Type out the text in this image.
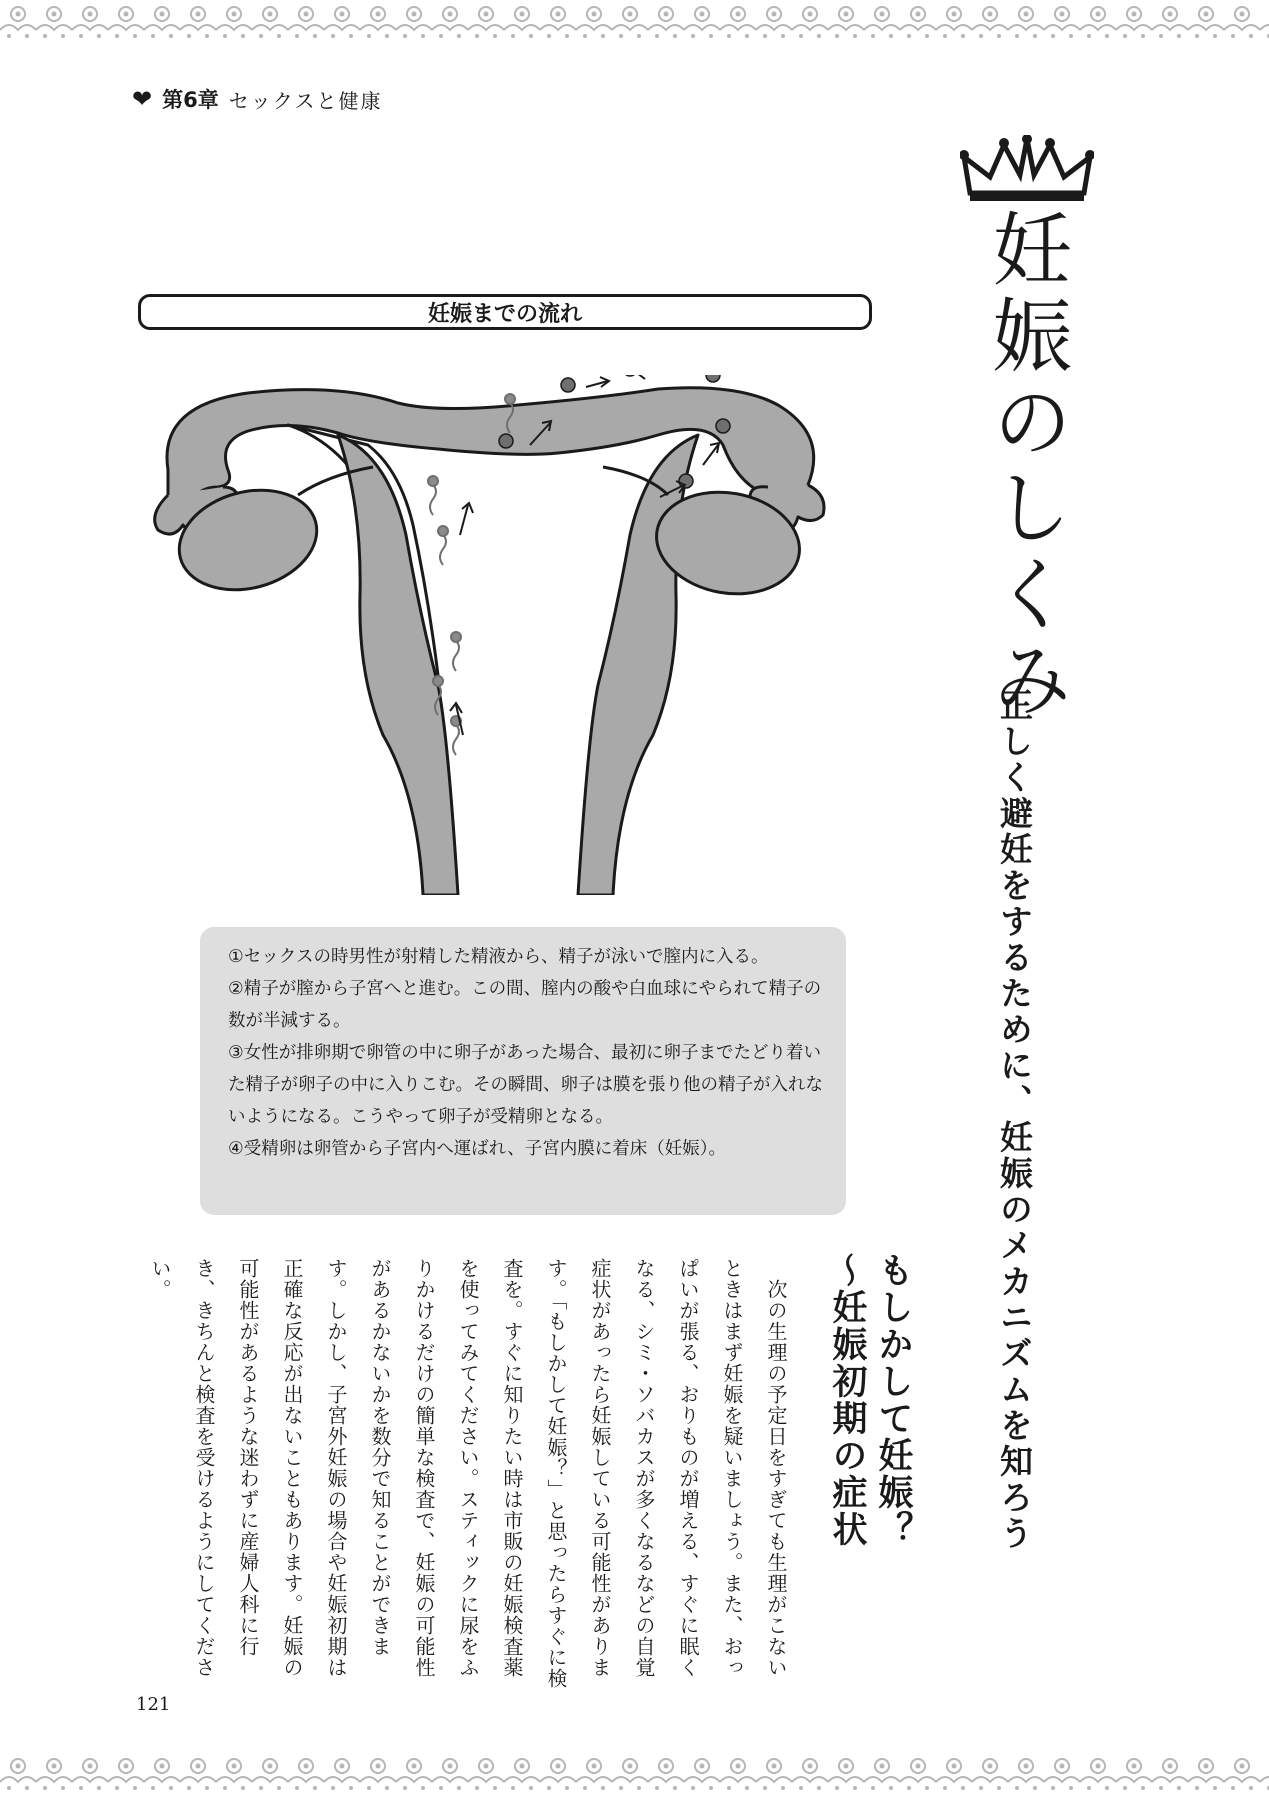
❤ 第6章 セックスと健康
妊娠のしくみ
正しく避妊をするために、妊娠のメカニズムを知ろう
妊娠までの流れ

①セックスの時男性が射精した精液から、精子が泳いで膣内に入る。

②精子が膣から子宮へと進む。この間、膣内の酸や白血球にやられて精子の数が半減する。

③女性が排卵期で卵管の中に卵子があった場合、最初に卵子までたどり着いた精子が卵子の中に入りこむ。その瞬間、卵子は膜を張り他の精子が入れないようになる。こうやって卵子が受精卵となる。

④受精卵は卵管から子宮内へ運ばれ、子宮内膜に着床（妊娠）。

もしかして妊娠？
～妊娠初期の症状
　次の生理の予定日をすぎても生理がこないときはまず妊娠を疑いましょう。また、おっぱいが張る、おりものが増える、すぐに眠くなる、シミ・ソバカスが多くなるなどの自覚症状があったら妊娠している可能性があります。「もしかして妊娠？」と思ったらすぐに検査を。すぐに知りたい時は市販の妊娠検査薬を使ってみてください。スティックに尿をふりかけるだけの簡単な検査で、妊娠の可能性があるかないかを数分で知ることができます。しかし、子宮外妊娠の場合や妊娠初期は正確な反応が出ないこともあります。妊娠の可能性があるような迷わずに産婦人科に行き、きちんと検査を受けるようにしてください。
121
